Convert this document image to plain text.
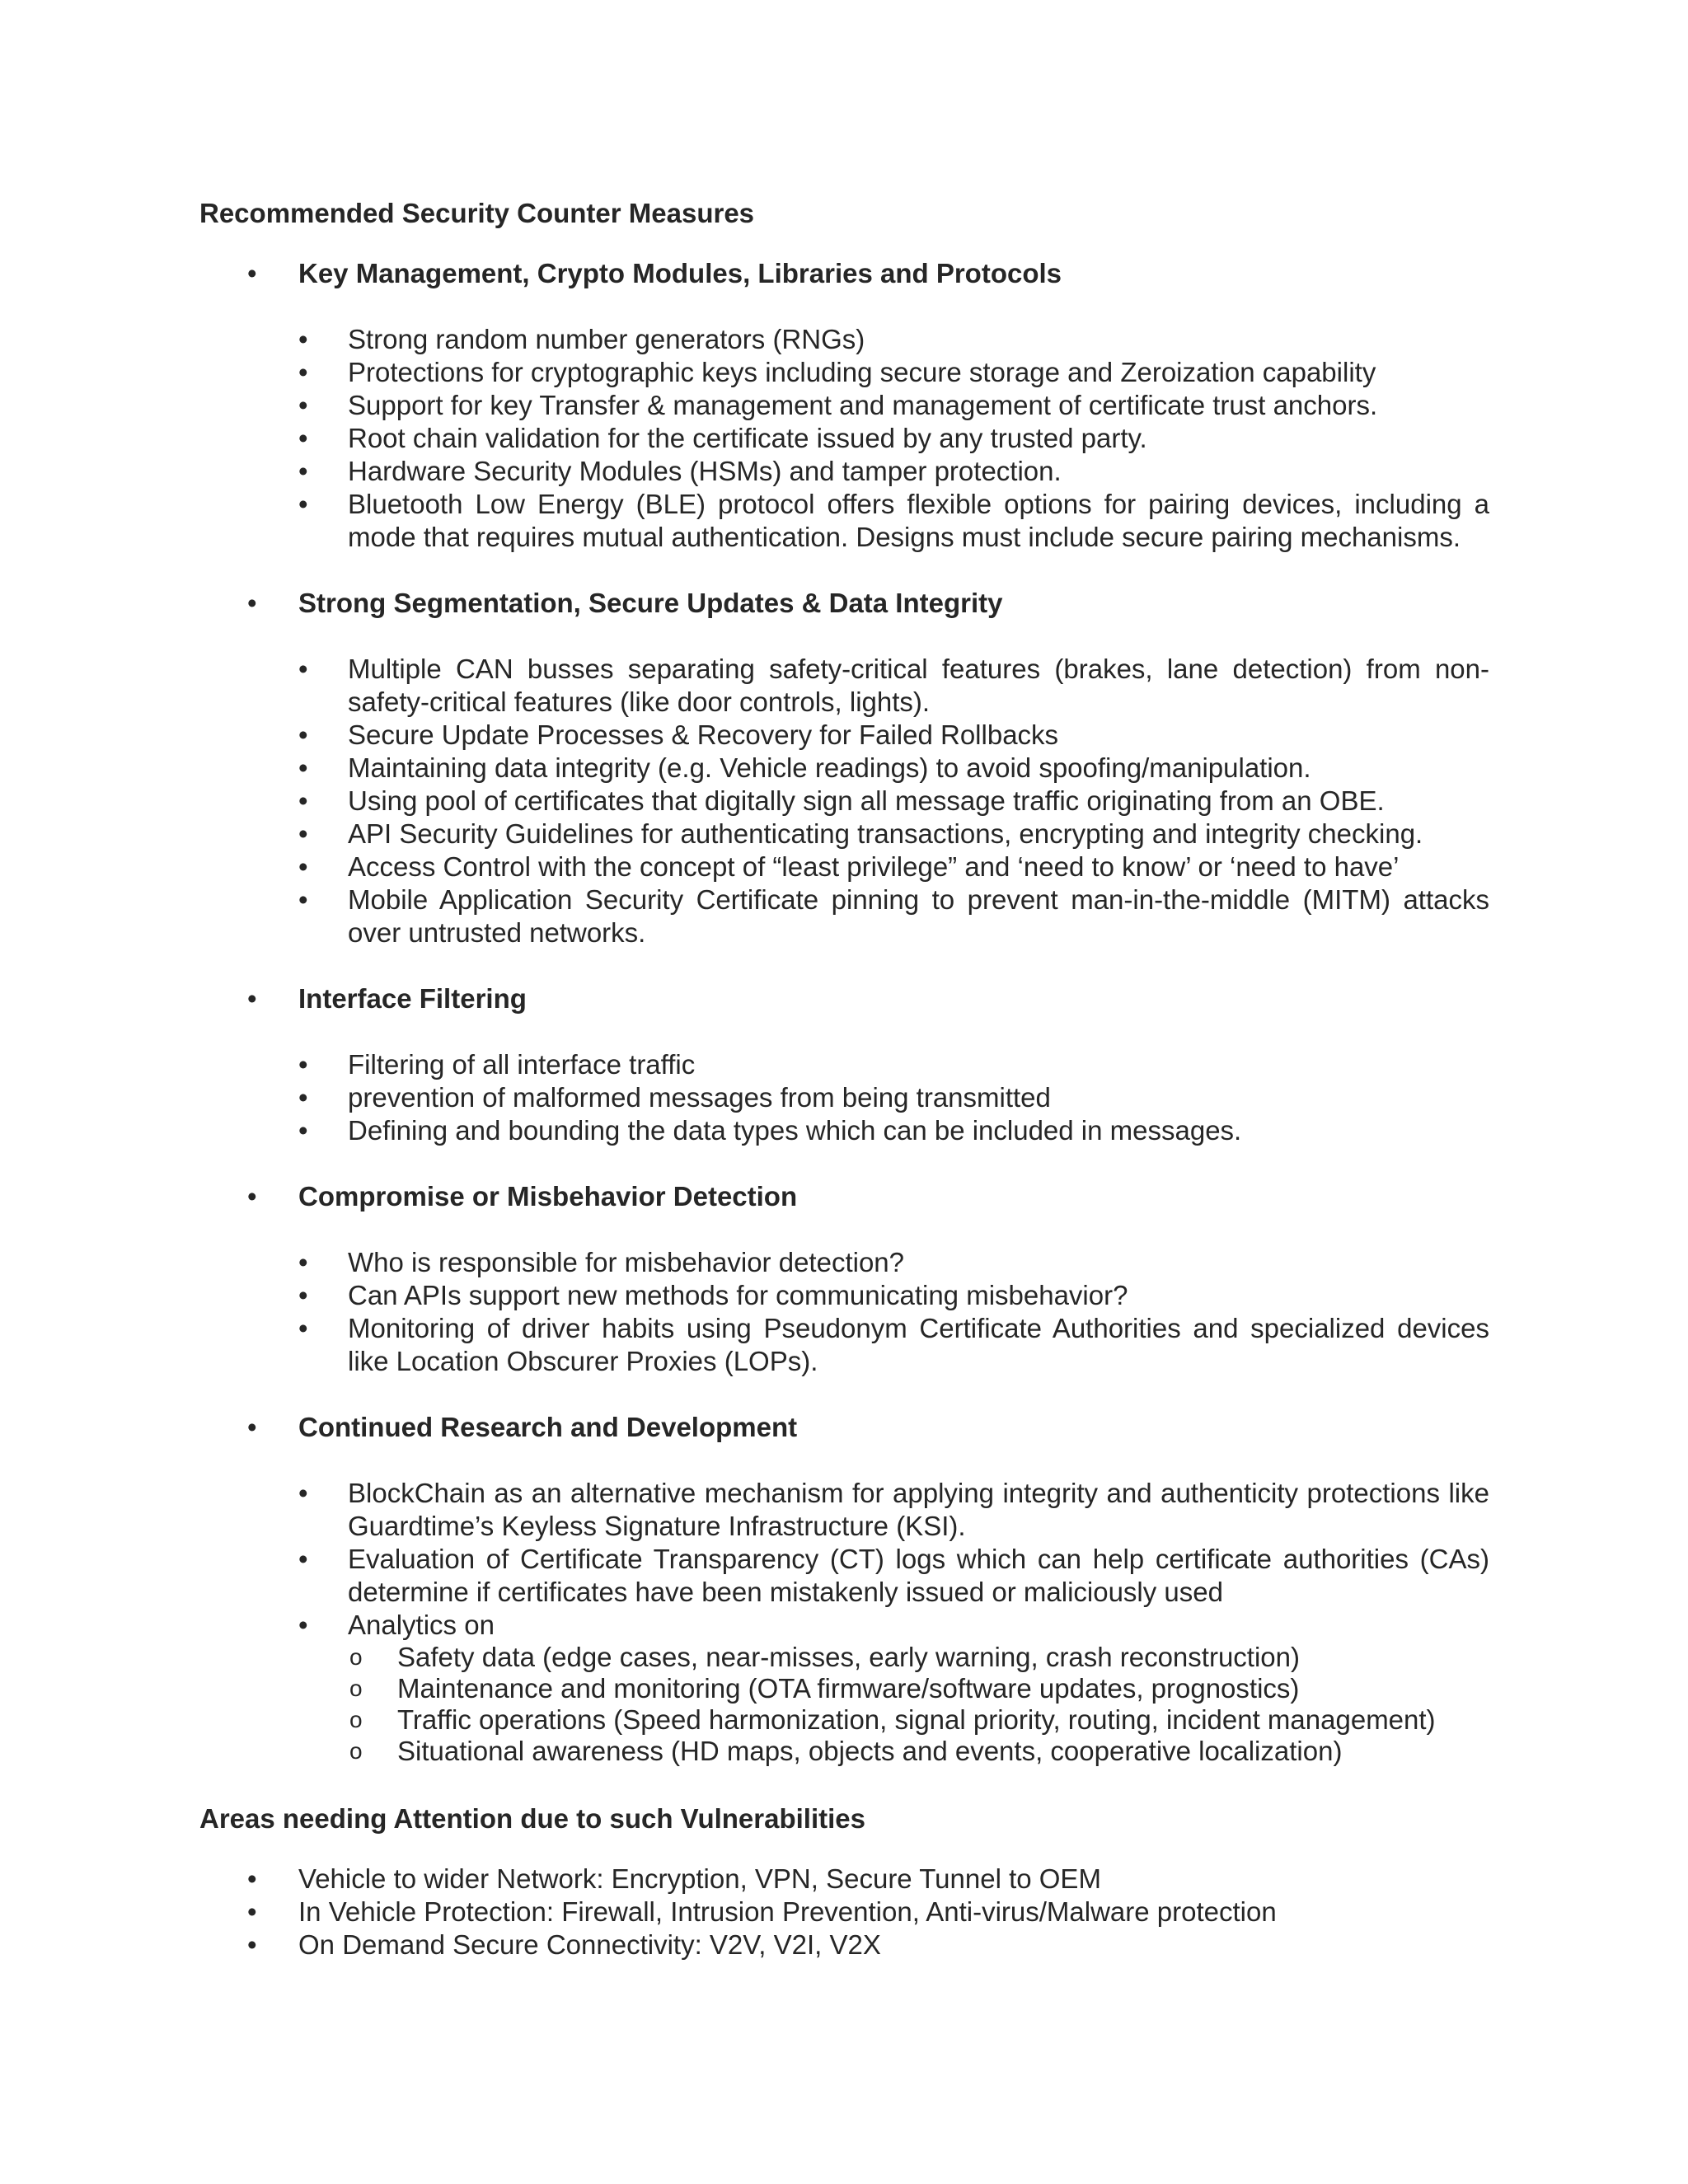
Recommended Security Counter Measures
• Key Management, Crypto Modules, Libraries and Protocols
• Strong random number generators (RNGs)
• Protections for cryptographic keys including secure storage and Zeroization capability
• Support for key Transfer & management and management of certificate trust anchors.
• Root chain validation for the certificate issued by any trusted party.
• Hardware Security Modules (HSMs) and tamper protection.
• Bluetooth Low Energy (BLE) protocol offers flexible options for pairing devices, including a mode that requires mutual authentication. Designs must include secure pairing mechanisms.
• Strong Segmentation, Secure Updates & Data Integrity
• Multiple CAN busses separating safety-critical features (brakes, lane detection) from non-safety-critical features (like door controls, lights).
• Secure Update Processes & Recovery for Failed Rollbacks
• Maintaining data integrity (e.g. Vehicle readings) to avoid spoofing/manipulation.
• Using pool of certificates that digitally sign all message traffic originating from an OBE.
• API Security Guidelines for authenticating transactions, encrypting and integrity checking.
• Access Control with the concept of “least privilege” and ‘need to know’ or ‘need to have’
• Mobile Application Security Certificate pinning to prevent man-in-the-middle (MITM) attacks over untrusted networks.
• Interface Filtering
• Filtering of all interface traffic
• prevention of malformed messages from being transmitted
• Defining and bounding the data types which can be included in messages.
• Compromise or Misbehavior Detection
• Who is responsible for misbehavior detection?
• Can APIs support new methods for communicating misbehavior?
• Monitoring of driver habits using Pseudonym Certificate Authorities and specialized devices like Location Obscurer Proxies (LOPs).
• Continued Research and Development
• BlockChain as an alternative mechanism for applying integrity and authenticity protections like Guardtime’s Keyless Signature Infrastructure (KSI).
• Evaluation of Certificate Transparency (CT) logs which can help certificate authorities (CAs) determine if certificates have been mistakenly issued or maliciously used
• Analytics on
o Safety data (edge cases, near-misses, early warning, crash reconstruction)
o Maintenance and monitoring (OTA firmware/software updates, prognostics)
o Traffic operations (Speed harmonization, signal priority, routing, incident management)
o Situational awareness (HD maps, objects and events, cooperative localization)
Areas needing Attention due to such Vulnerabilities
• Vehicle to wider Network: Encryption, VPN, Secure Tunnel to OEM
• In Vehicle Protection: Firewall, Intrusion Prevention, Anti-virus/Malware protection
• On Demand Secure Connectivity: V2V, V2I, V2X
